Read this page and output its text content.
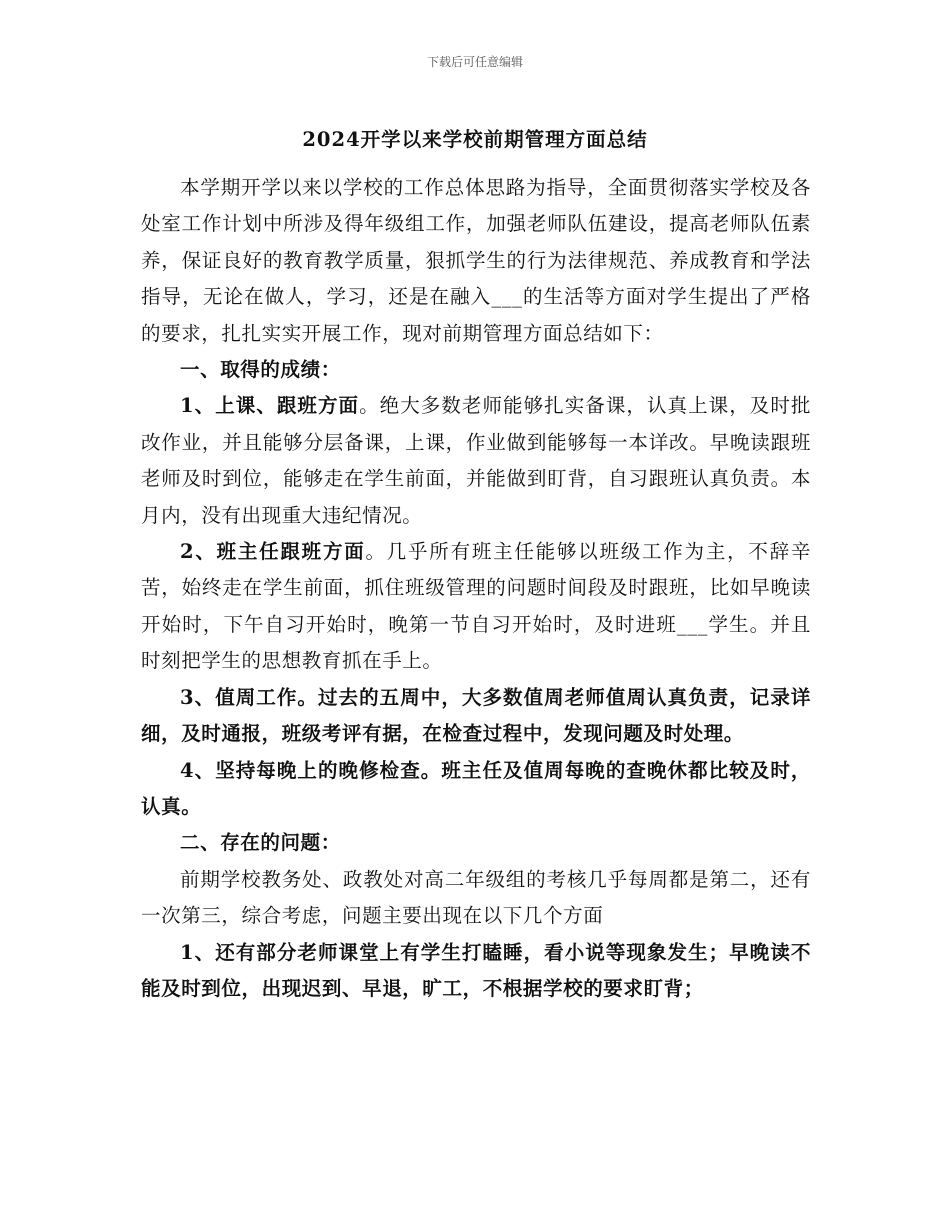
下载后可任意编辑
2024开学以来学校前期管理方面总结

本学期开学以来以学校的工作总体思路为指导，全面贯彻落实学校及各处室工作计划中所涉及得年级组工作，加强老师队伍建设，提高老师队伍素养，保证良好的教育教学质量，狠抓学生的行为法律规范、养成教育和学法指导，无论在做人，学习，还是在融入___的生活等方面对学生提出了严格的要求，扎扎实实开展工作，现对前期管理方面总结如下：

一、取得的成绩：

1、上课、跟班方面。绝大多数老师能够扎实备课，认真上课，及时批改作业，并且能够分层备课，上课，作业做到能够每一本详改。早晚读跟班老师及时到位，能够走在学生前面，并能做到盯背，自习跟班认真负责。本月内，没有出现重大违纪情况。

2、班主任跟班方面。几乎所有班主任能够以班级工作为主，不辞辛苦，始终走在学生前面，抓住班级管理的问题时间段及时跟班，比如早晚读开始时，下午自习开始时，晚第一节自习开始时，及时进班___学生。并且时刻把学生的思想教育抓在手上。

3、值周工作。过去的五周中，大多数值周老师值周认真负责，记录详细，及时通报，班级考评有据，在检查过程中，发现问题及时处理。

4、坚持每晚上的晚修检查。班主任及值周每晚的查晚休都比较及时，认真。

二、存在的问题：

前期学校教务处、政教处对高二年级组的考核几乎每周都是第二，还有一次第三，综合考虑，问题主要出现在以下几个方面

1、还有部分老师课堂上有学生打瞌睡，看小说等现象发生；早晚读不能及时到位，出现迟到、早退，旷工，不根据学校的要求盯背；
